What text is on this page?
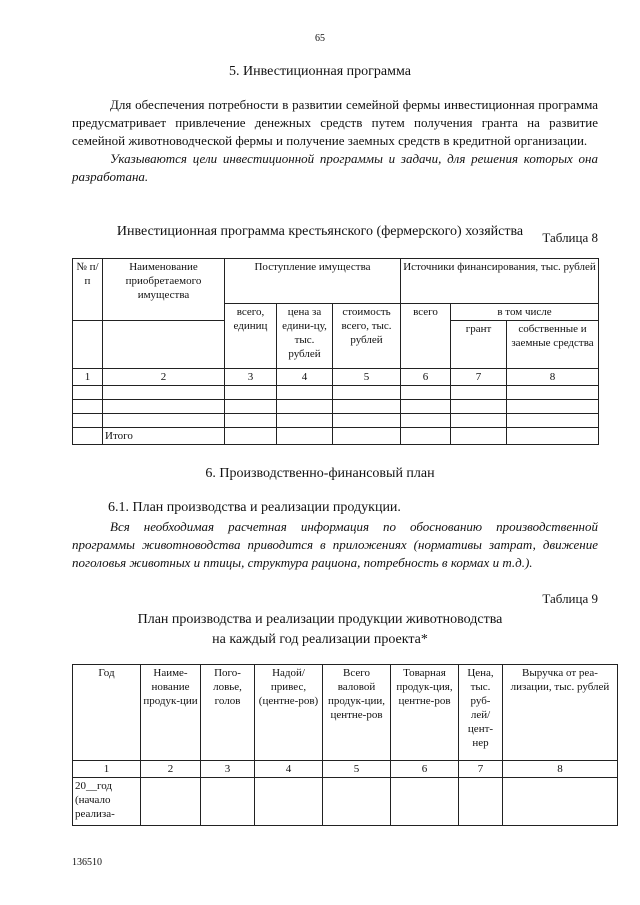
65
5. Инвестиционная программа
Для обеспечения потребности в развитии семейной фермы инвестиционная программа предусматривает привлечение денежных средств путем получения гранта на развитие семейной животноводческой фермы и получение заемных средств в кредитной организации.
Указываются цели инвестиционной программы и задачи, для решения которых она разработана.
Таблица 8
Инвестиционная программа крестьянского (фермерского) хозяйства
№ п/п	Наименование приобретаемого имущества	Поступление имущества			Источники финансирования, тыс. рублей		
		всего, единиц	цена за едини-цу, тыс. рублей	стоимость всего, тыс. рублей	всего	в том числе	
						грант	собственные и заемные средства
1	2	3	4	5	6	7	8

	Итого						
6. Производственно-финансовый план
6.1. План производства и реализации продукции.
Вся необходимая расчетная информация по обоснованию производственной программы животноводства приводится в приложениях (нормативы затрат, движение поголовья животных и птицы, структура рациона, потребность в кормах и т.д.).
Таблица 9
План производства и реализации продукции животноводства
на каждый год реализации проекта*
Год	Наиме-нование продук-ции	Пого-ловье, голов	Надой/ привес, (центне-ров)	Всего валовой продук-ции, центне-ров	Товарная продук-ция, центне-ров	Цена, тыс. руб-лей/ цент-нер	Выручка от реа-лизации, тыс. рублей
1	2	3	4	5	6	7	8
20__год (начало реализа-							
136510
